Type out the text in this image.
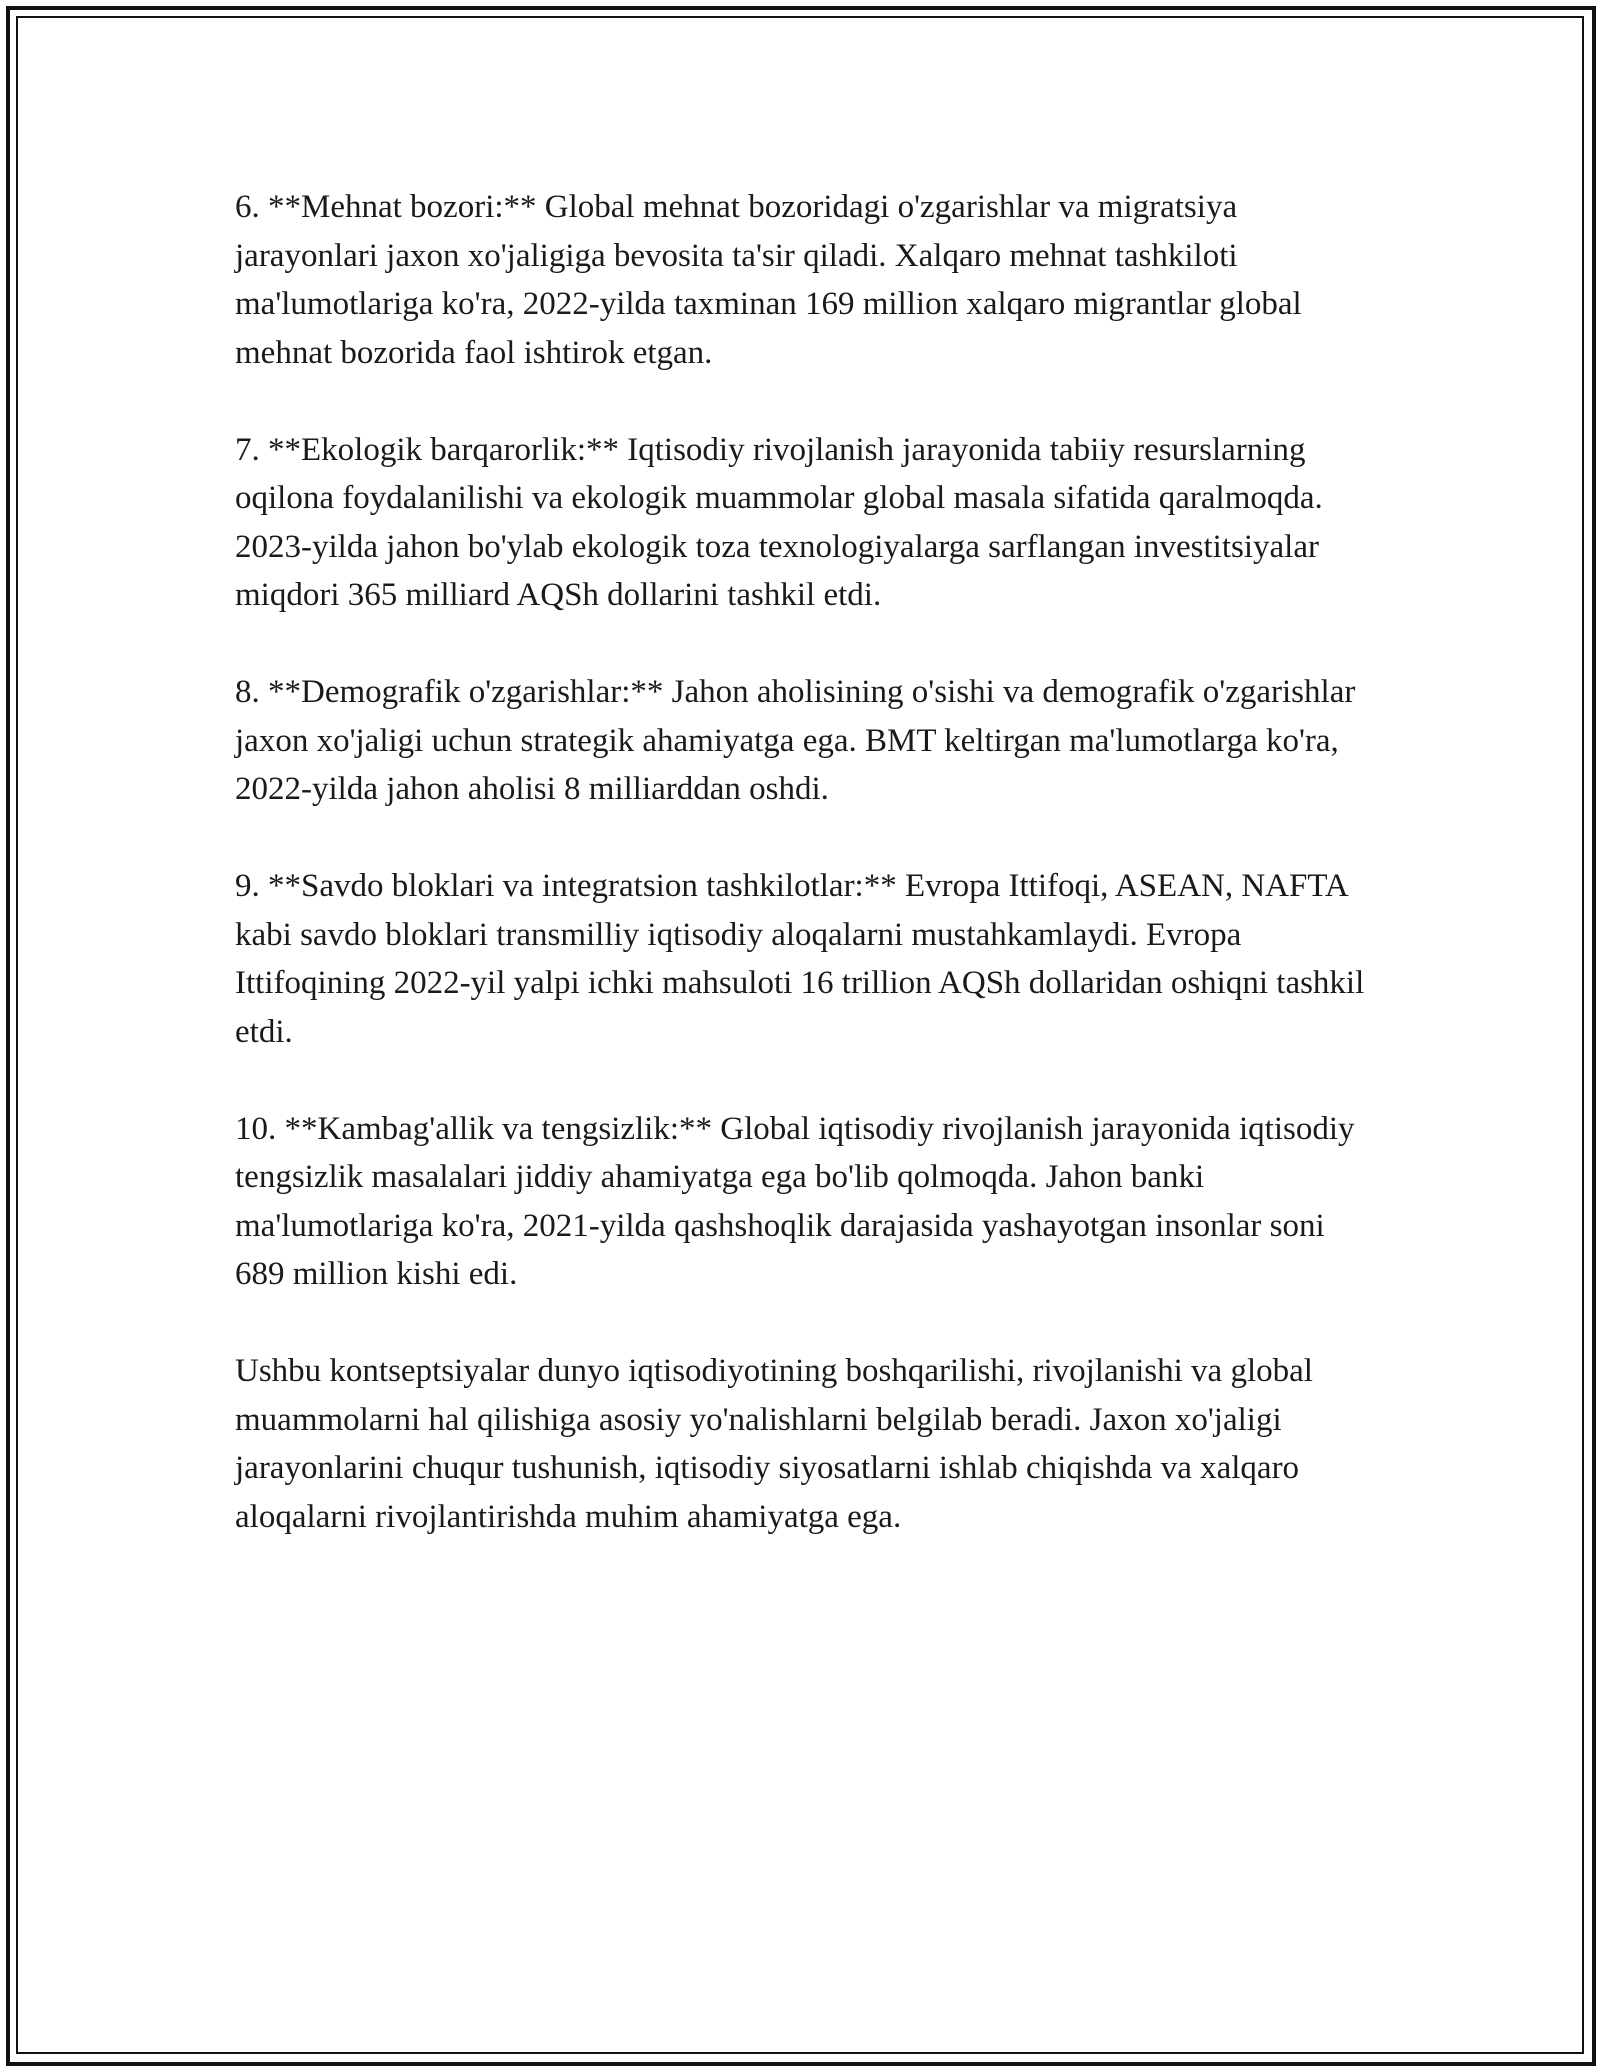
6. **Mehnat bozori:** Global mehnat bozoridagi o'zgarishlar va migratsiya jarayonlari jaxon xo'jaligiga bevosita ta'sir qiladi. Xalqaro mehnat tashkiloti ma'lumotlariga ko'ra, 2022-yilda taxminan 169 million xalqaro migrantlar global mehnat bozorida faol ishtirok etgan.

7. **Ekologik barqarorlik:** Iqtisodiy rivojlanish jarayonida tabiiy resurslarning oqilona foydalanilishi va ekologik muammolar global masala sifatida qaralmoqda. 2023-yilda jahon bo'ylab ekologik toza texnologiyalarga sarflangan investitsiyalar miqdori 365 milliard AQSh dollarini tashkil etdi.

8. **Demografik o'zgarishlar:** Jahon aholisining o'sishi va demografik o'zgarishlar jaxon xo'jaligi uchun strategik ahamiyatga ega. BMT keltirgan ma'lumotlarga ko'ra, 2022-yilda jahon aholisi 8 milliarddan oshdi.

9. **Savdo bloklari va integratsion tashkilotlar:** Evropa Ittifoqi, ASEAN, NAFTA kabi savdo bloklari transmilliy iqtisodiy aloqalarni mustahkamlaydi. Evropa Ittifoqining 2022-yil yalpi ichki mahsuloti 16 trillion AQSh dollaridan oshiqni tashkil etdi.

10. **Kambag'allik va tengsizlik:** Global iqtisodiy rivojlanish jarayonida iqtisodiy tengsizlik masalalari jiddiy ahamiyatga ega bo'lib qolmoqda. Jahon banki ma'lumotlariga ko'ra, 2021-yilda qashshoqlik darajasida yashayotgan insonlar soni 689 million kishi edi.

Ushbu kontseptsiyalar dunyo iqtisodiyotining boshqarilishi, rivojlanishi va global muammolarni hal qilishiga asosiy yo'nalishlarni belgilab beradi. Jaxon xo'jaligi jarayonlarini chuqur tushunish, iqtisodiy siyosatlarni ishlab chiqishda va xalqaro aloqalarni rivojlantirishda muhim ahamiyatga ega.
